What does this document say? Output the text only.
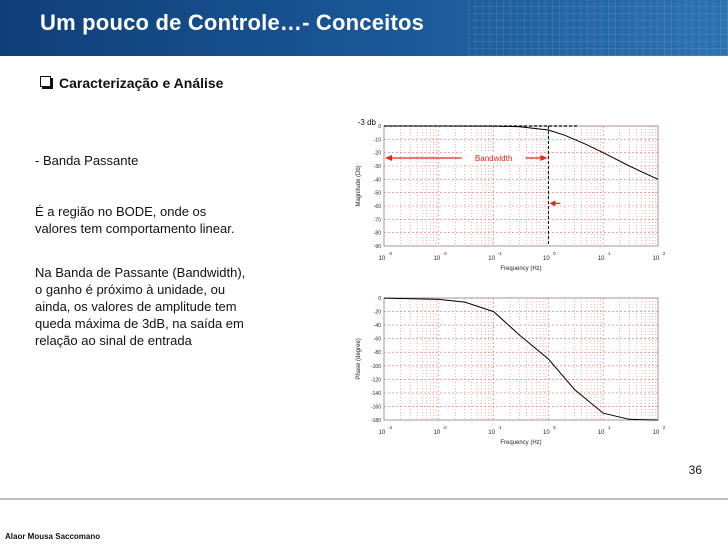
Um pouco de Controle…- Conceitos
Caracterização e Análise
- Banda Passante
É a região no BODE, onde os
valores tem comportamento linear.
Na Banda de Passante (Bandwidth),
o ganho é próximo à unidade, ou
ainda, os valores de amplitude tem
queda máxima de 3dB, na saída em
relação ao sinal de entrada
10
-3
10
-2
10
-1
10
0
10
1
10
2
0
-10
-20
-30
-40
-50
-60
-70
-80
-90
Frequency (Hz)
Magnitude (Db)
-3 db
Bandwidth
10
-3
10
-2
10
-1
10
0
10
1
10
2
0
-20
-40
-60
-80
-100
-120
-140
-160
-180
Frequency (Hz)
Phase (degree)
36
Alaor Mousa Saccomano
